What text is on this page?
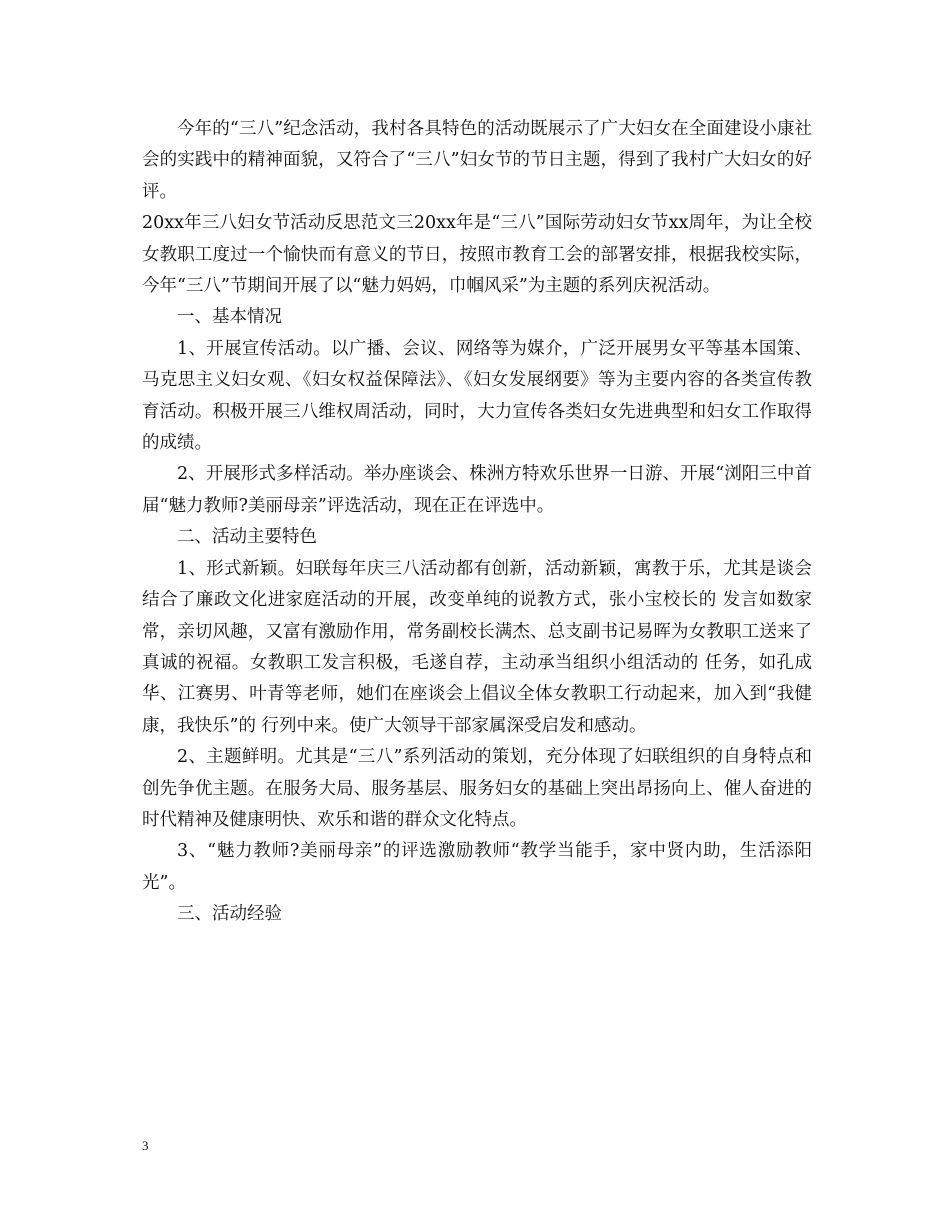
今年的“三八”纪念活动，我村各具特色的活动既展示了广大妇女在全面建设小康社会的实践中的精神面貌，又符合了“三八”妇女节的节日主题，得到了我村广大妇女的好评。

20xx年三八妇女节活动反思范文三20xx年是“三八”国际劳动妇女节xx周年，为让全校女教职工度过一个愉快而有意义的节日，按照市教育工会的部署安排，根据我校实际，今年“三八”节期间开展了以“魅力妈妈，巾帼风采”为主题的系列庆祝活动。

一、基本情况

1、开展宣传活动。以广播、会议、网络等为媒介，广泛开展男女平等基本国策、马克思主义妇女观、《妇女权益保障法》、《妇女发展纲要》等为主要内容的各类宣传教育活动。积极开展三八维权周活动，同时，大力宣传各类妇女先进典型和妇女工作取得的成绩。

2、开展形式多样活动。举办座谈会、株洲方特欢乐世界一日游、开展“浏阳三中首届“魅力教师?美丽母亲”评选活动，现在正在评选中。

二、活动主要特色

1、形式新颖。妇联每年庆三八活动都有创新，活动新颖，寓教于乐，尤其是谈会结合了廉政文化进家庭活动的开展，改变单纯的说教方式，张小宝校长的 发言如数家常，亲切风趣，又富有激励作用，常务副校长满杰、总支副书记易晖为女教职工送来了真诚的祝福。女教职工发言积极，毛遂自荐，主动承当组织小组活动的 任务，如孔成华、江赛男、叶青等老师，她们在座谈会上倡议全体女教职工行动起来，加入到“我健康，我快乐”的 行列中来。使广大领导干部家属深受启发和感动。

2、主题鲜明。尤其是“三八”系列活动的策划，充分体现了妇联组织的自身特点和创先争优主题。在服务大局、服务基层、服务妇女的基础上突出昂扬向上、催人奋进的时代精神及健康明快、欢乐和谐的群众文化特点。

3、“魅力教师?美丽母亲”的评选激励教师“教学当能手，家中贤内助，生活添阳光”。

三、活动经验

3
